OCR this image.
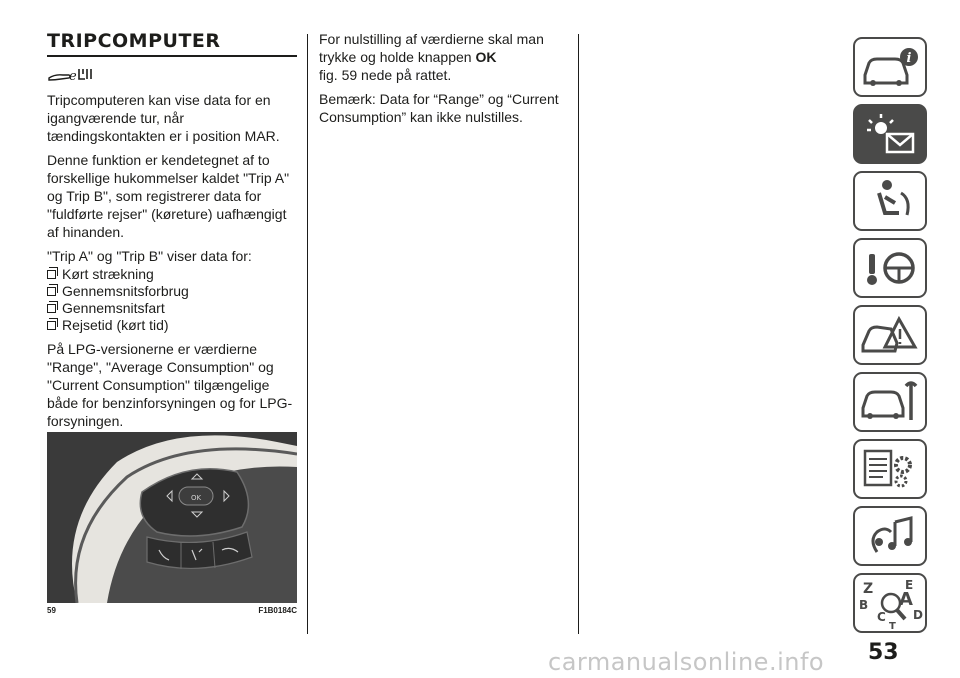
TRIPCOMPUTER
e

Tripcomputeren kan vise data for en igangværende tur, når tændingskontakten er i position MAR.

Denne funktion er kendetegnet af to forskellige hukommelser kaldet "Trip A" og Trip B", som registrerer data for "fuldførte rejser" (køreture) uafhængigt af hinanden.

"Trip A" og "Trip B" viser data for:

Kørt strækning
Gennemsnitsforbrug
Gennemsnitsfart
Rejsetid (kørt tid)

På LPG-versionerne er værdierne "Range", "Average Consumption" og "Current Consumption" tilgængelige både for benzinforsyningen og for LPG-forsyningen.

OK
59	F1B0184C

For nulstilling af værdierne skal man trykke og holde knappen OK
fig. 59 nede på rattet.

Bemærk: Data for “Range” og “Current Consumption” kan ikke nulstilles.

i
Z	E
B A
C D
T
53
carmanualsonline.info
